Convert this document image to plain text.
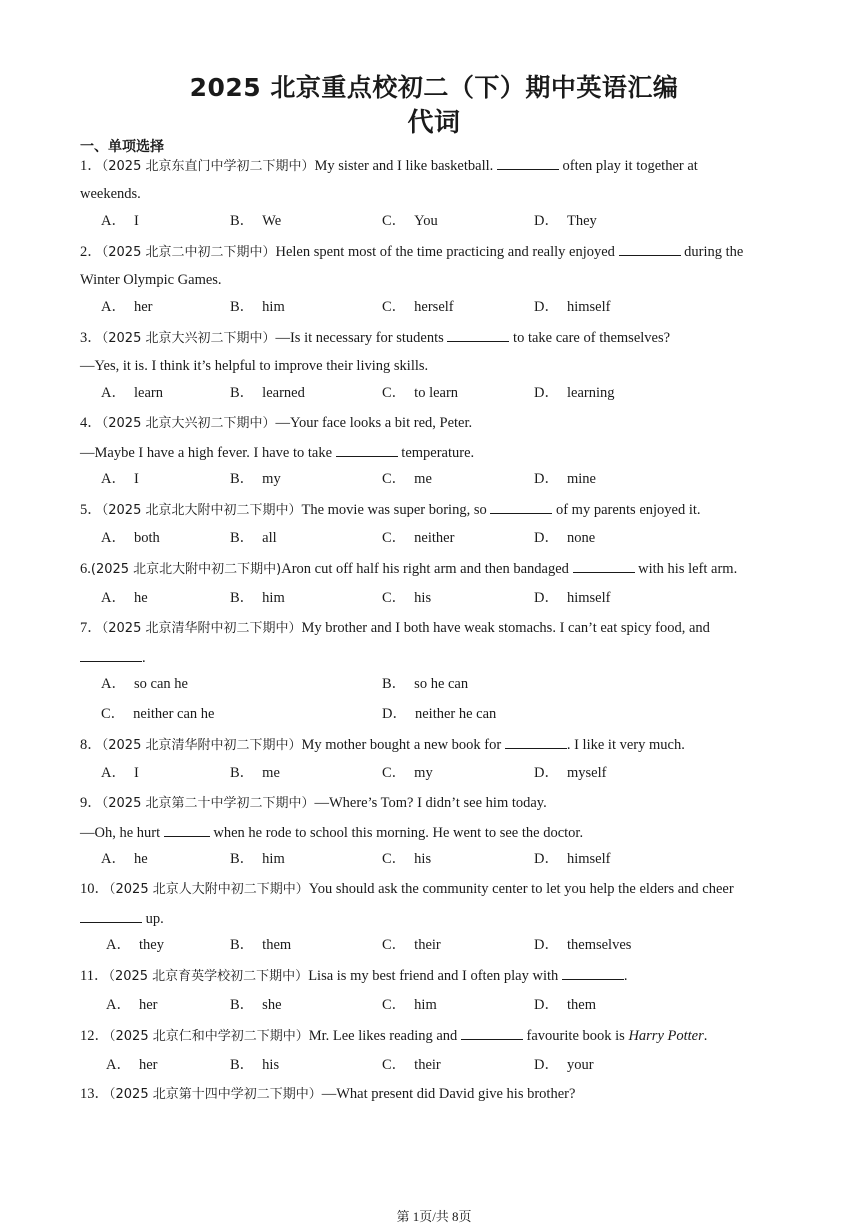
2025 北京重点校初二（下）期中英语汇编
代词
一、单项选择
1．（2025 北京东直门中学初二下期中）My sister and I like basketball.	often play it together at
weekends.
A． I	B． We	C． You	D． They
2．（2025 北京二中初二下期中）Helen spent most of the time practicing and really enjoyed	during the
Winter Olympic Games.
A． her	B． him	C． herself	D． himself
3．（2025 北京大兴初二下期中）—Is it necessary for students	to take care of themselves?
—Yes, it is. I think it’s helpful to improve their living skills.
A． learn	B． learned	C． to learn	D． learning
4．（2025 北京大兴初二下期中）—Your face looks a bit red, Peter.
—Maybe I have a high fever. I have to take	temperature.
A． I	B． my	C． me	D． mine
5．（2025 北京北大附中初二下期中）The movie was super boring, so	of my parents enjoyed it.
A． both	B． all	C． neither	D． none
6.(2025 北京北大附中初二下期中)Aron cut off half his right arm and then bandaged	with his left arm.
A． he	B． him	C． his	D． himself
7．（2025 北京清华附中初二下期中）My brother and I both have weak stomachs. I can’t eat spicy food, and
.
A． so can he	B． so he can
C． neither can he	D． neither he can
8．（2025 北京清华附中初二下期中）My mother bought a new book for	. I like it very much.
A． I	B． me	C． my	D． myself
9．（2025 北京第二十中学初二下期中）—Where’s Tom? I didn’t see him today.
—Oh, he hurt	when he rode to school this morning. He went to see the doctor.
A． he	B． him	C． his	D． himself
10．（2025 北京人大附中初二下期中）You should ask the community center to let you help the elders and cheer
up.
A． they	B． them	C． their	D． themselves
11．（2025 北京育英学校初二下期中）Lisa is my best friend and I often play with	.
A． her	B． she	C． him	D． them
12．（2025 北京仁和中学初二下期中）Mr. Lee likes reading and	favourite book is Harry Potter.
A． her	B． his	C． their	D． your
13．（2025 北京第十四中学初二下期中）—What present did David give his brother?
第 1页/共 8页
